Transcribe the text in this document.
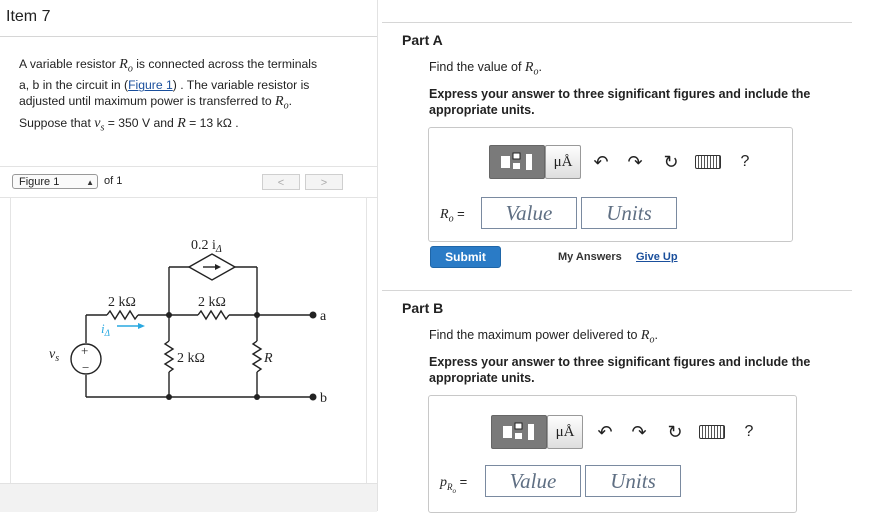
Item 7
A variable resistor $R_o$ is connected across the terminals
a, b in the circuit in (Figure 1) . The variable resistor is
adjusted until maximum power is transferred to $R_o$.
Suppose that $v_s = 350$ V and R = 13 kΩ .
Figure 1	▲ of 1	<	>
0.2 $i_\Delta$
2 kΩ	2 kΩ
2 kΩ	R
$i_\Delta$
$v_s$
+
−
a
b
Part A
Find the value of $R_o$.
Express your answer to three significant figures and include the
appropriate units.
μÅ	↶ ↷ ↻	?
$R_o$ =	Value	Units
Submit	My Answers Give Up
Part B
Find the maximum power delivered to $R_o$.
Express your answer to three significant figures and include the
appropriate units.
μÅ	↶ ↷ ↻	?
$p_{R_o}$ =	Value	Units
